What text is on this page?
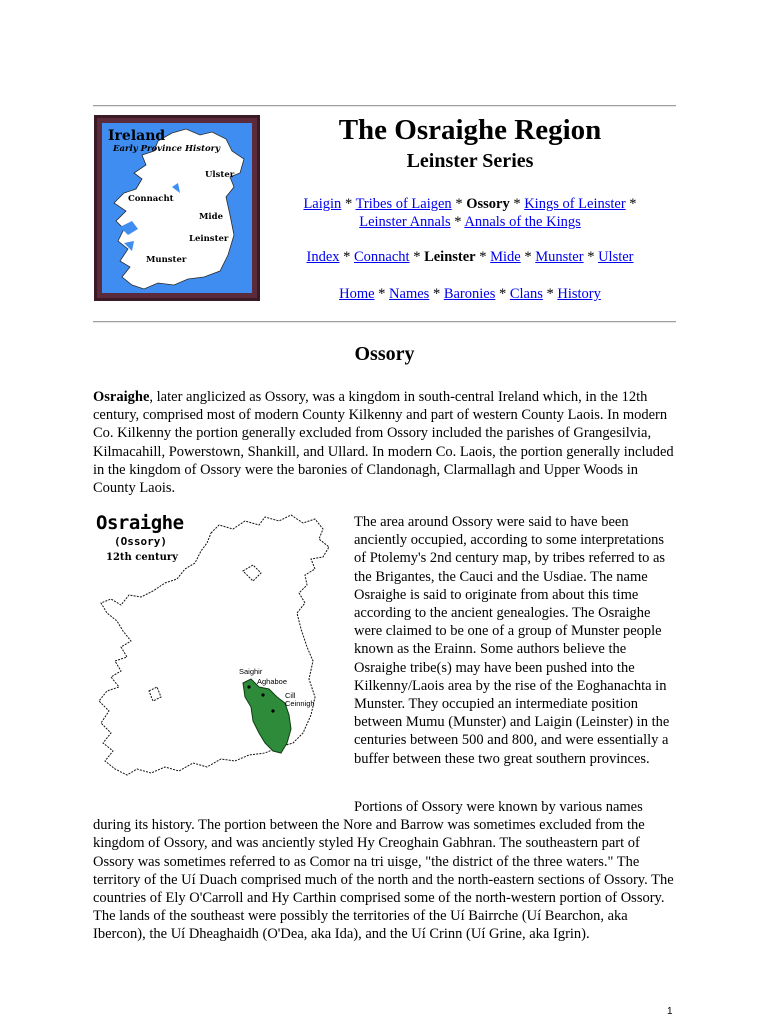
Ireland
Early Province History
Ulster
Connacht
Mide
Leinster
Munster
The Osraighe Region
Leinster Series
Laigin * Tribes of Laigen * Ossory * Kings of Leinster *
Leinster Annals * Annals of the Kings
Index * Connacht * Leinster * Mide * Munster * Ulster
Home * Names * Baronies * Clans * History
Ossory

Osraighe, later anglicized as Ossory, was a kingdom in south-central Ireland which, in the 12th century, comprised most of modern County Kilkenny and part of western County Laois. In modern Co. Kilkenny the portion generally excluded from Ossory included the parishes of Grangesilvia, Kilmacahill, Powerstown, Shankill, and Ullard. In modern Co. Laois, the portion generally included in the kingdom of Ossory were the baronies of Clandonagh, Clarmallagh and Upper Woods in County Laois.

Osraighe
(Ossory)
12th century
Saighir
Aghaboe
Cill
Ceinnigh

The area around Ossory were said to have been anciently occupied, according to some interpretations of Ptolemy's 2nd century map, by tribes referred to as the Brigantes, the Cauci and the Usdiae. The name Osraighe is said to originate from about this time according to the ancient genealogies. The Osraighe were claimed to be one of a group of Munster people known as the Erainn. Some authors believe the Osraighe tribe(s) may have been pushed into the Kilkenny/Laois area by the rise of the Eoghanachta in Munster. They occupied an intermediate position between Mumu (Munster) and Laigin (Leinster) in the centuries between 500 and 800, and were essentially a buffer between these two great southern provinces.

Portions of Ossory were known by various names during its history. The portion between the Nore and Barrow was sometimes excluded from the kingdom of Ossory, and was anciently styled Hy Creoghain Gabhran. The southeastern part of Ossory was sometimes referred to as Comor na tri uisge, "the district of the three waters." The territory of the Uí Duach comprised much of the north and the north-eastern sections of Ossory. The countries of Ely O'Carroll and Hy Carthin comprised some of the north-western portion of Ossory. The lands of the southeast were possibly the territories of the Uí Bairrche (Uí Bearchon, aka Ibercon), the Uí Dheaghaidh (O'Dea, aka Ida), and the Uí Crinn (Uí Grine, aka Igrin).

1
